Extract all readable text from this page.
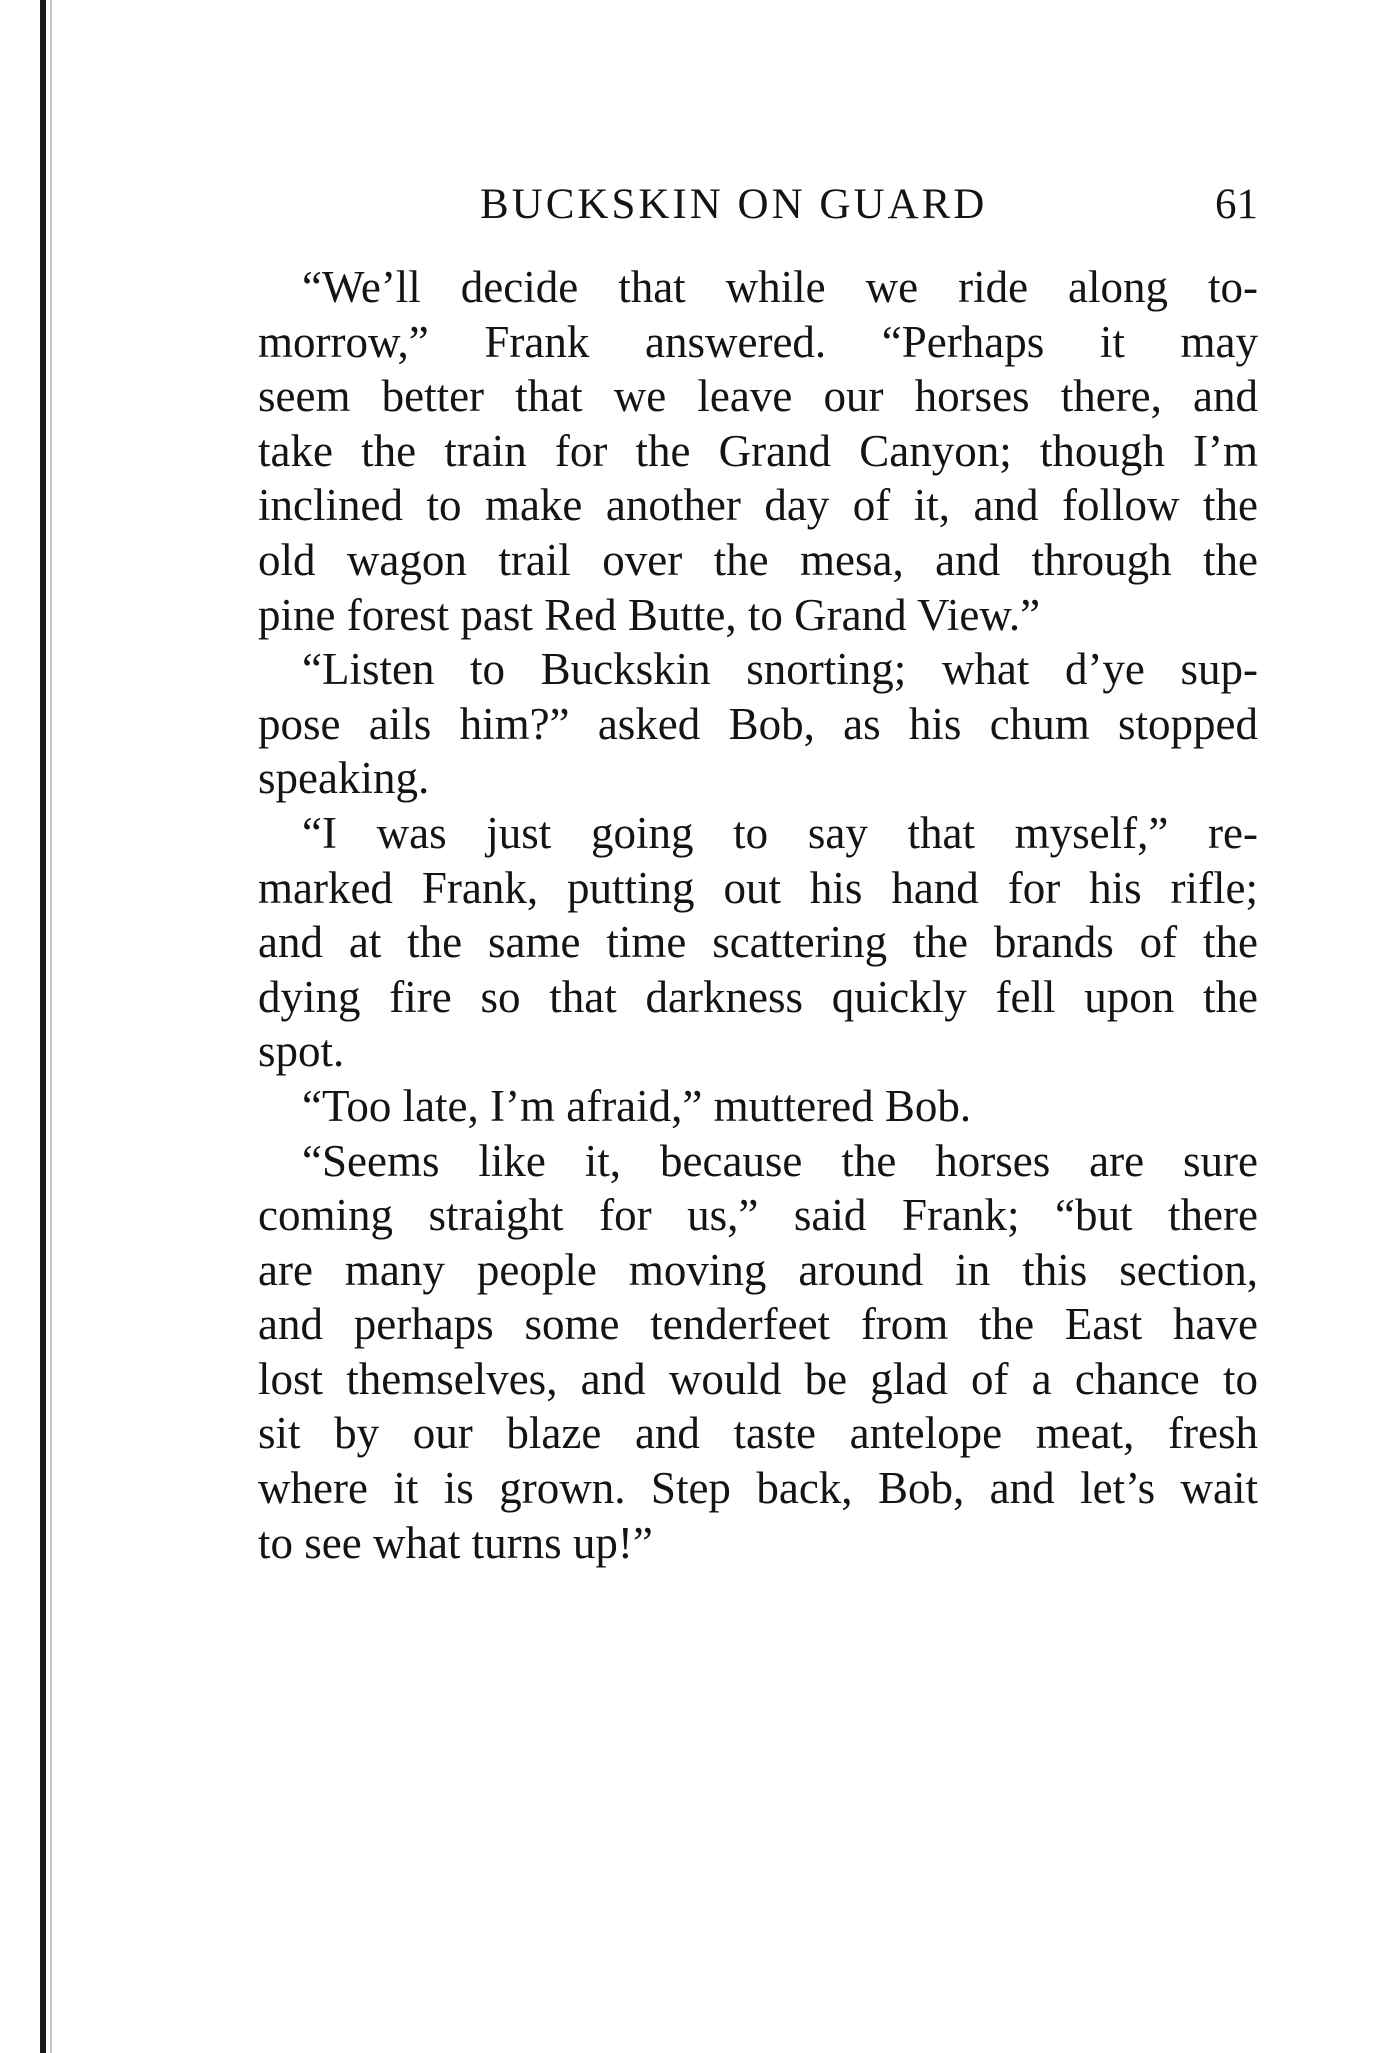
BUCKSKIN ON GUARD	61

“We’ll decide that while we ride along to-
morrow,” Frank answered. “Perhaps it may
seem better that we leave our horses there, and
take the train for the Grand Canyon; though I’m
inclined to make another day of it, and follow the
old wagon trail over the mesa, and through the
pine forest past Red Butte, to Grand View.”

“Listen to Buckskin snorting; what d’ye sup-
pose ails him?” asked Bob, as his chum stopped
speaking.

“I was just going to say that myself,” re-
marked Frank, putting out his hand for his rifle;
and at the same time scattering the brands of the
dying fire so that darkness quickly fell upon the
spot.

“Too late, I’m afraid,” muttered Bob.

“Seems like it, because the horses are sure
coming straight for us,” said Frank; “but there
are many people moving around in this section,
and perhaps some tenderfeet from the East have
lost themselves, and would be glad of a chance to
sit by our blaze and taste antelope meat, fresh
where it is grown. Step back, Bob, and let’s wait
to see what turns up!”
